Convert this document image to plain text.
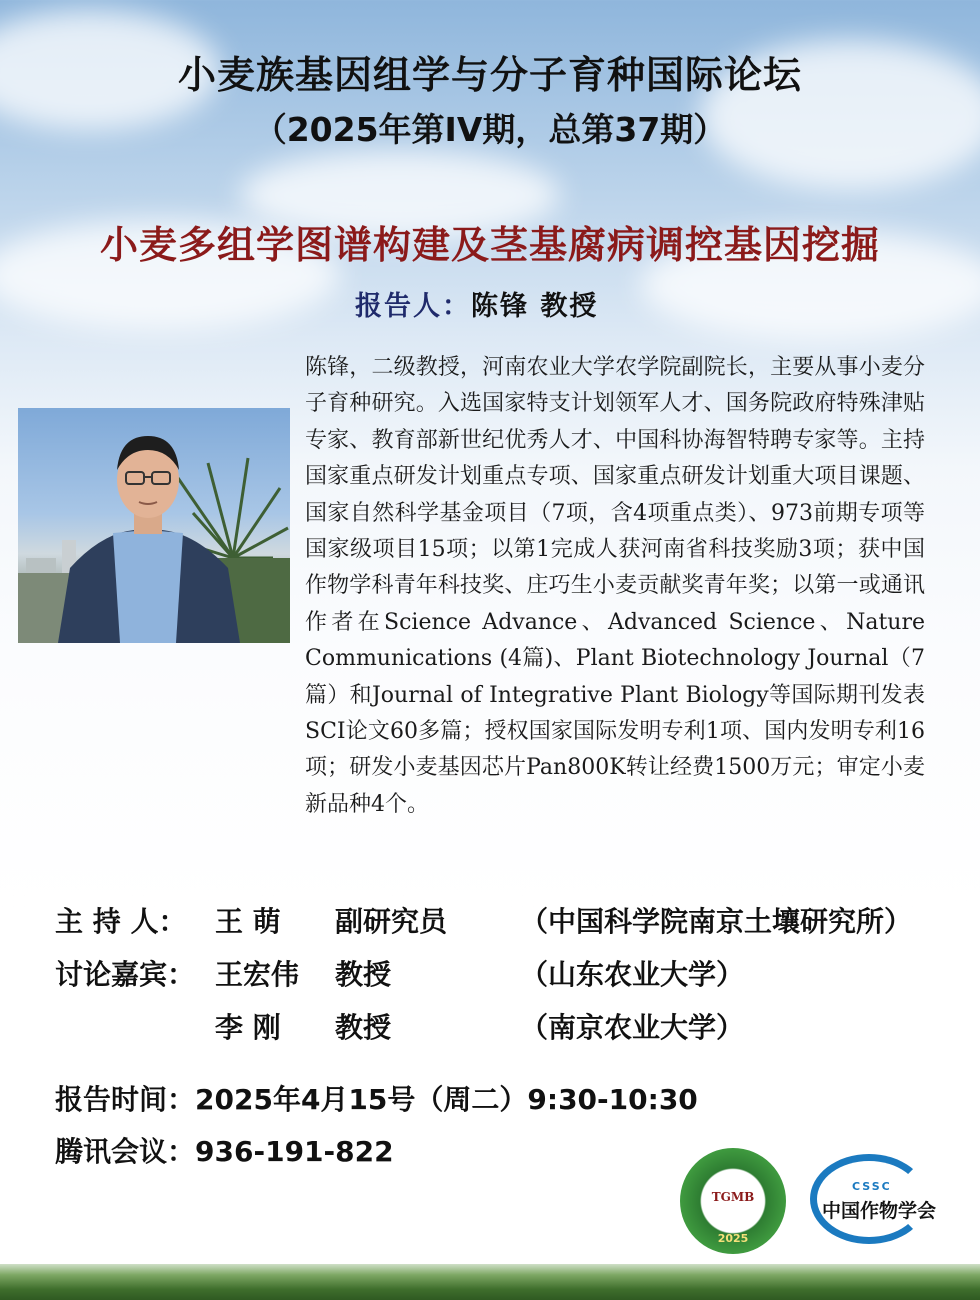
小麦族基因组学与分子育种国际论坛
（2025年第IV期，总第37期）
小麦多组学图谱构建及茎基腐病调控基因挖掘
报告人：陈锋 教授
陈锋，二级教授，河南农业大学农学院副院长，主要从事小麦分子育种研究。入选国家特支计划领军人才、国务院政府特殊津贴专家、教育部新世纪优秀人才、中国科协海智特聘专家等。主持国家重点研发计划重点专项、国家重点研发计划重大项目课题、国家自然科学基金项目（7项，含4项重点类）、973前期专项等国家级项目15项；以第1完成人获河南省科技奖励3项；获中国作物学科青年科技奖、庄巧生小麦贡献奖青年奖；以第一或通讯作者在Science Advance、Advanced Science、Nature Communications (4篇)、Plant Biotechnology Journal（7篇）和Journal of Integrative Plant Biology等国际期刊发表SCI论文60多篇；授权国家国际发明专利1项、国内发明专利16项；研发小麦基因芯片Pan800K转让经费1500万元；审定小麦新品种4个。
主 持 人： 王 萌 副研究员	（中国科学院南京土壤研究所）
讨论嘉宾： 王宏伟 教授	（山东农业大学）
李 刚 教授	（南京农业大学）
报告时间：2025年4月15号（周二）9:30-10:30
腾讯会议：936-191-822
TGMB
2025
CSSC
中国作物学会
